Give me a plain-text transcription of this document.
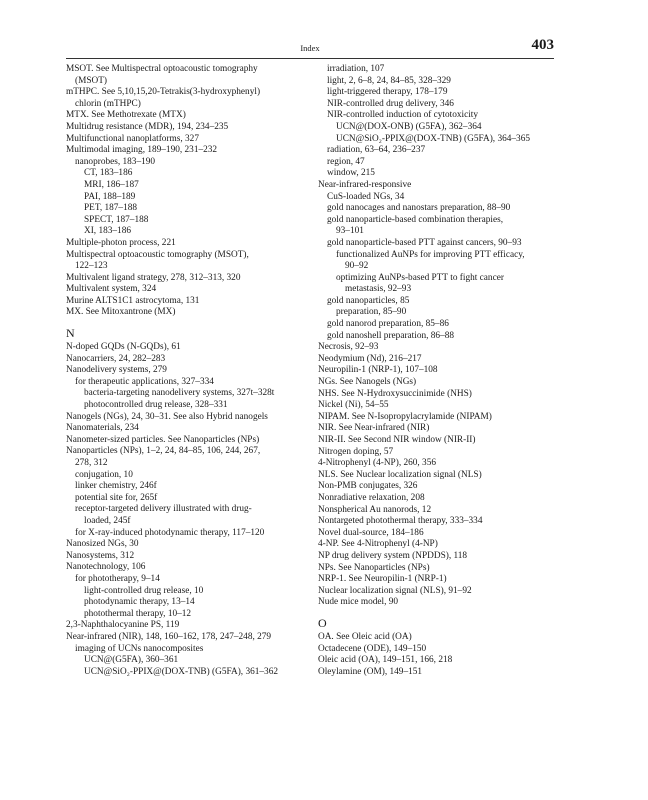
Index	403
MSOT. See Multispectral optoacoustic tomography
(MSOT)
mTHPC. See 5,10,15,20-Tetrakis(3-hydroxyphenyl)
chlorin (mTHPC)
MTX. See Methotrexate (MTX)
Multidrug resistance (MDR), 194, 234–235
Multifunctional nanoplatforms, 327
Multimodal imaging, 189–190, 231–232
nanoprobes, 183–190
CT, 183–186
MRI, 186–187
PAI, 188–189
PET, 187–188
SPECT, 187–188
XI, 183–186
Multiple-photon process, 221
Multispectral optoacoustic tomography (MSOT),
122–123
Multivalent ligand strategy, 278, 312–313, 320
Multivalent system, 324
Murine ALTS1C1 astrocytoma, 131
MX. See Mitoxantrone (MX)
N
N-doped GQDs (N-GQDs), 61
Nanocarriers, 24, 282–283
Nanodelivery systems, 279
for therapeutic applications, 327–334
bacteria-targeting nanodelivery systems, 327t–328t
photocontrolled drug release, 328–331
Nanogels (NGs), 24, 30–31. See also Hybrid nanogels
Nanomaterials, 234
Nanometer-sized particles. See Nanoparticles (NPs)
Nanoparticles (NPs), 1–2, 24, 84–85, 106, 244, 267,
278, 312
conjugation, 10
linker chemistry, 246f
potential site for, 265f
receptor-targeted delivery illustrated with drug-
loaded, 245f
for X-ray-induced photodynamic therapy, 117–120
Nanosized NGs, 30
Nanosystems, 312
Nanotechnology, 106
for phototherapy, 9–14
light-controlled drug release, 10
photodynamic therapy, 13–14
photothermal therapy, 10–12
2,3-Naphthalocyanine PS, 119
Near-infrared (NIR), 148, 160–162, 178, 247–248, 279
imaging of UCNs nanocomposites
UCN@(G5FA), 360–361
UCN@SiO₂-PPIX@(DOX-TNB) (G5FA), 361–362
irradiation, 107
light, 2, 6–8, 24, 84–85, 328–329
light-triggered therapy, 178–179
NIR-controlled drug delivery, 346
NIR-controlled induction of cytotoxicity
UCN@(DOX-ONB) (G5FA), 362–364
UCN@SiO₂-PPIX@(DOX-TNB) (G5FA), 364–365
radiation, 63–64, 236–237
region, 47
window, 215
Near-infrared-responsive
CuS-loaded NGs, 34
gold nanocages and nanostars preparation, 88–90
gold nanoparticle-based combination therapies,
93–101
gold nanoparticle-based PTT against cancers, 90–93
functionalized AuNPs for improving PTT efficacy,
90–92
optimizing AuNPs-based PTT to fight cancer
metastasis, 92–93
gold nanoparticles, 85
preparation, 85–90
gold nanorod preparation, 85–86
gold nanoshell preparation, 86–88
Necrosis, 92–93
Neodymium (Nd), 216–217
Neuropilin-1 (NRP-1), 107–108
NGs. See Nanogels (NGs)
NHS. See N-Hydroxysuccinimide (NHS)
Nickel (Ni), 54–55
NIPAM. See N-Isopropylacrylamide (NIPAM)
NIR. See Near-infrared (NIR)
NIR-II. See Second NIR window (NIR-II)
Nitrogen doping, 57
4-Nitrophenyl (4-NP), 260, 356
NLS. See Nuclear localization signal (NLS)
Non-PMB conjugates, 326
Nonradiative relaxation, 208
Nonspherical Au nanorods, 12
Nontargeted photothermal therapy, 333–334
Novel dual-source, 184–186
4-NP. See 4-Nitrophenyl (4-NP)
NP drug delivery system (NPDDS), 118
NPs. See Nanoparticles (NPs)
NRP-1. See Neuropilin-1 (NRP-1)
Nuclear localization signal (NLS), 91–92
Nude mice model, 90
O
OA. See Oleic acid (OA)
Octadecene (ODE), 149–150
Oleic acid (OA), 149–151, 166, 218
Oleylamine (OM), 149–151
